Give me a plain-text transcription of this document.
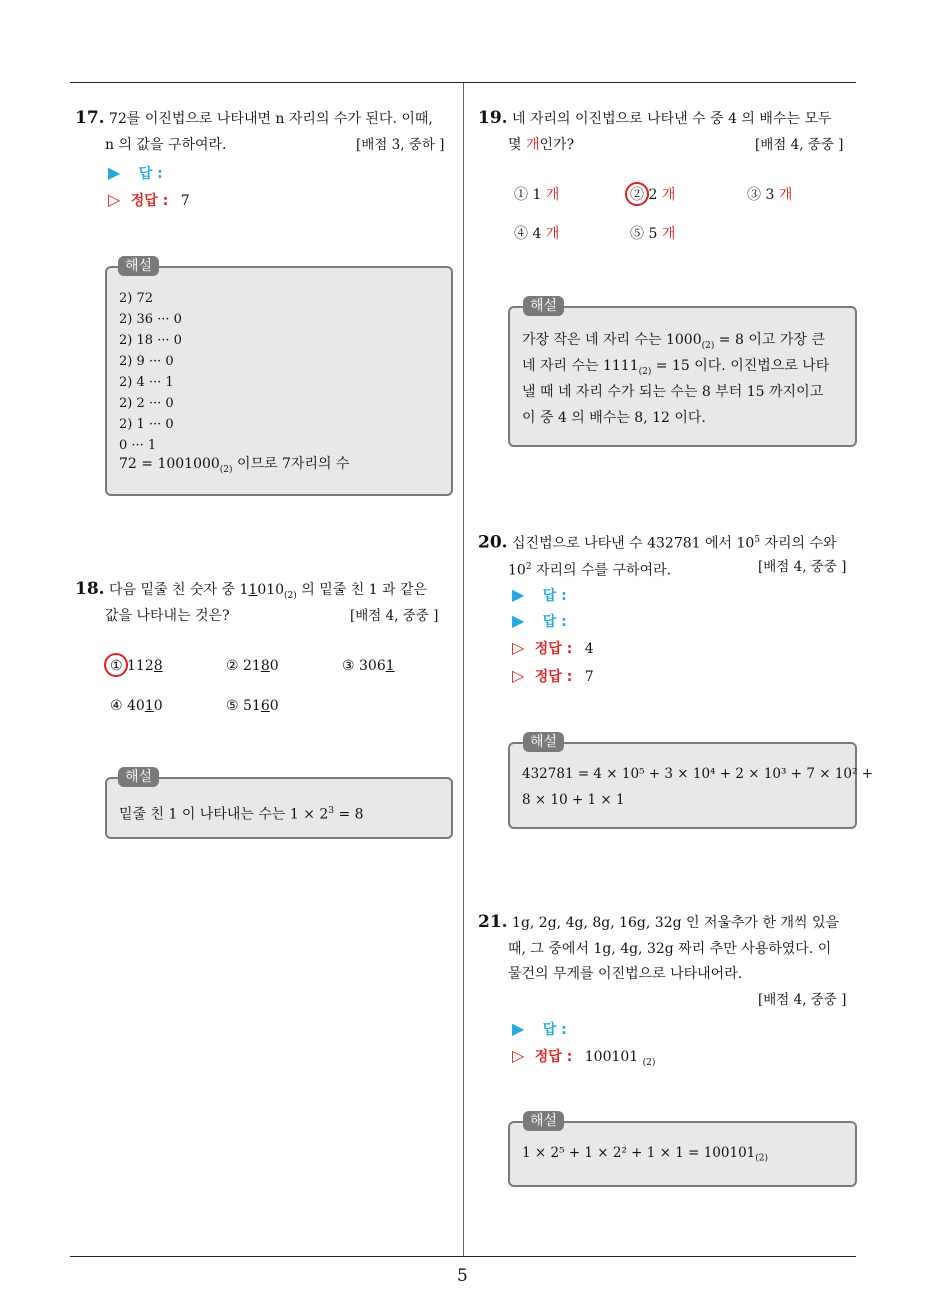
5
17. 72를 이진법으로 나타내면 n 자리의 수가 된다. 이때,
n 의 값을 구하여라.	[배점 3, 중하 ]
▶ 답 :
▷ 정답 : 7
2) 72
2) 36 ··· 0
2) 18 ··· 0
2) 9 ··· 0
2) 4 ··· 1
2) 2 ··· 0
2) 1 ··· 0
0 ··· 1
$72 = 1001000_{(2)}$ 이므로 7자리의 수
해설
18. 다음 밑줄 친 숫자 중 $11010_{(2)}$ 의 밑줄 친 1 과 같은
값을 나타내는 것은?	[배점 4, 중중 ]
① 1128	② 2180	③ 3061
④ 4010	⑤ 5160
밑줄 친 1 이 나타내는 수는 $1 \times 2^3 = 8$
해설
19. 네 자리의 이진법으로 나타낸 수 중 4 의 배수는 모두
몇 개인가?	[배점 4, 중중 ]
① 1 개	② 2 개	③ 3 개
④ 4 개	⑤ 5 개
가장 작은 네 자리 수는 $1000_{(2)} = 8$ 이고 가장 큰
네 자리 수는 $1111_{(2)} = 15$ 이다. 이진법으로 나타
낼 때 네 자리 수가 되는 수는 8 부터 15 까지이고
이 중 4 의 배수는 8, 12 이다.
해설
20. 십진법으로 나타낸 수 432781 에서 $10^5$ 자리의 수와
$10^2$ 자리의 수를 구하여라.	[배점 4, 중중 ]
▶ 답 :
▶ 답 :
▷ 정답 : 4
▷ 정답 : 7
432781 = 4 × 10⁵ + 3 × 10⁴ + 2 × 10³ + 7 × 10² +
8 × 10 + 1 × 1
해설
21. 1g, 2g, 4g, 8g, 16g, 32g 인 저울추가 한 개씩 있을
때, 그 중에서 1g, 4g, 32g 짜리 추만 사용하였다. 이
물건의 무게를 이진법으로 나타내어라.
[배점 4, 중중 ]
▶ 답 :
▷ 정답 : 100101 $_{(2)}$
$1 \times 2^5 + 1 \times 2^2 + 1 \times 1 = 100101_{(2)}$
해설
